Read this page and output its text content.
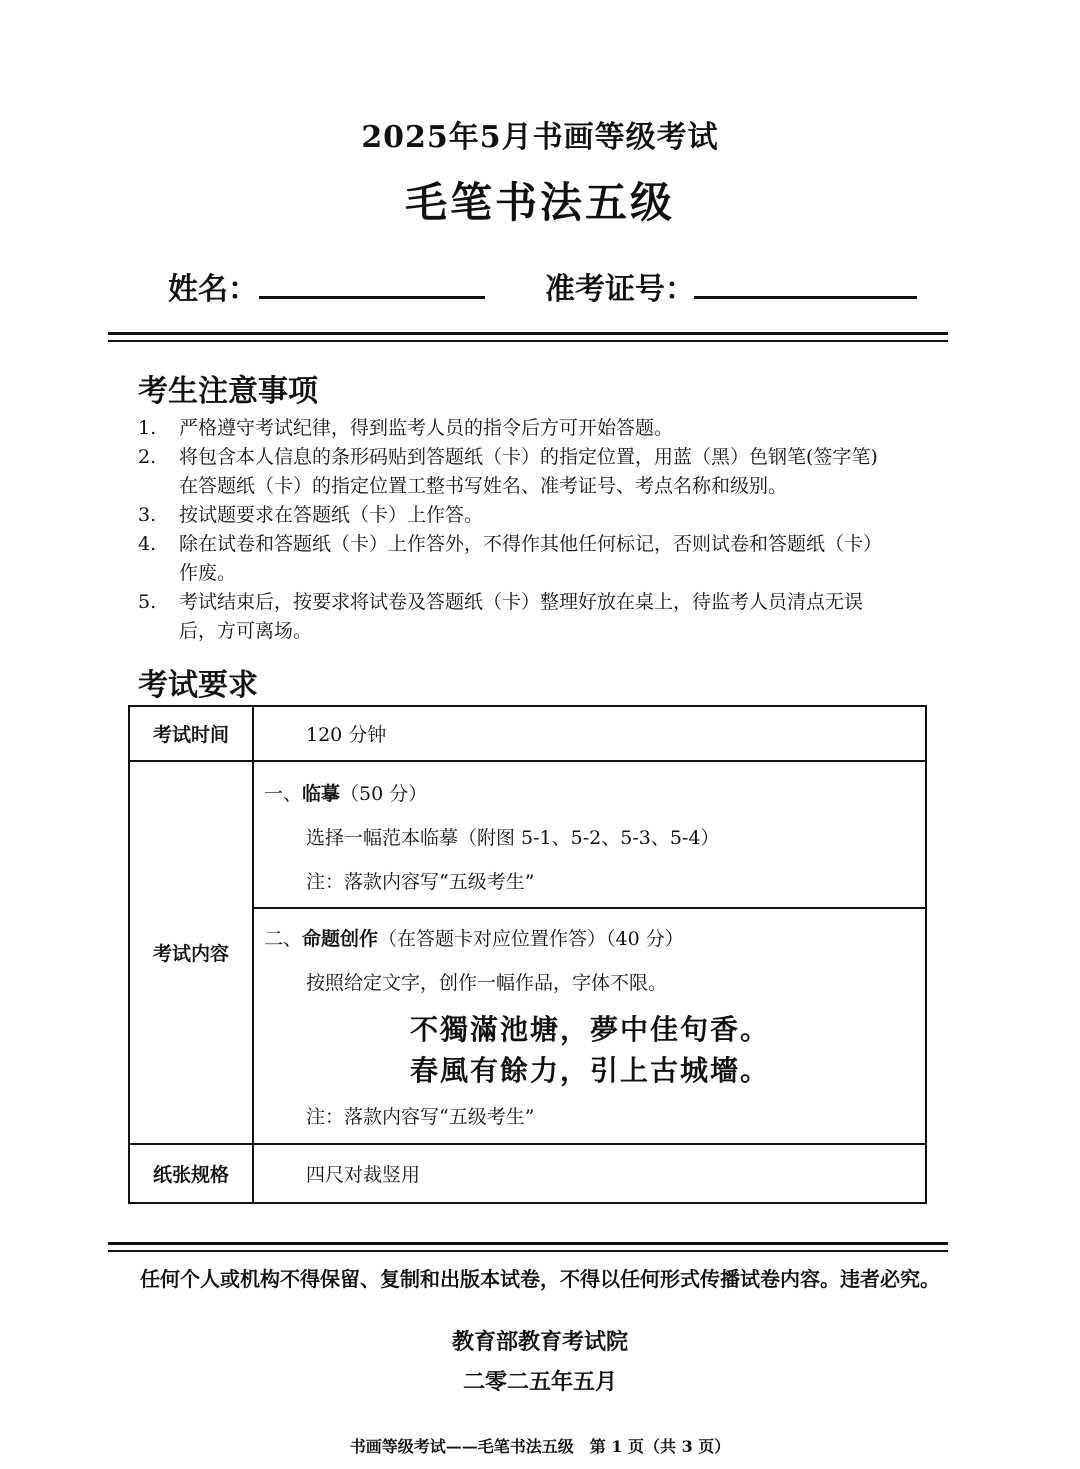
2025年5月书画等级考试
毛笔书法五级
姓名：	准考证号：
考生注意事项
1. 严格遵守考试纪律，得到监考人员的指令后方可开始答题。
2. 将包含本人信息的条形码贴到答题纸（卡）的指定位置，用蓝（黑）色钢笔(签字笔)
在答题纸（卡）的指定位置工整书写姓名、准考证号、考点名称和级别。
3. 按试题要求在答题纸（卡）上作答。
4. 除在试卷和答题纸（卡）上作答外，不得作其他任何标记，否则试卷和答题纸（卡）
作废。
5. 考试结束后，按要求将试卷及答题纸（卡）整理好放在桌上，待监考人员清点无误
后，方可离场。
考试要求
考试时间	120 分钟
考试内容	一、临摹（50 分）
选择一幅范本临摹（附图 5-1、5-2、5-3、5-4）
注：落款内容写“五级考生”

	二、命题创作（在答题卡对应位置作答）（40 分）
按照给定文字，创作一幅作品，字体不限。
不獨滿池塘，夢中佳句香。
春風有餘力，引上古城墻。
注：落款内容写“五级考生”

纸张规格	四尺对裁竖用
任何个人或机构不得保留、复制和出版本试卷，不得以任何形式传播试卷内容。违者必究。
教育部教育考试院
二零二五年五月
书画等级考试——毛笔书法五级　第 1 页（共 3 页）
